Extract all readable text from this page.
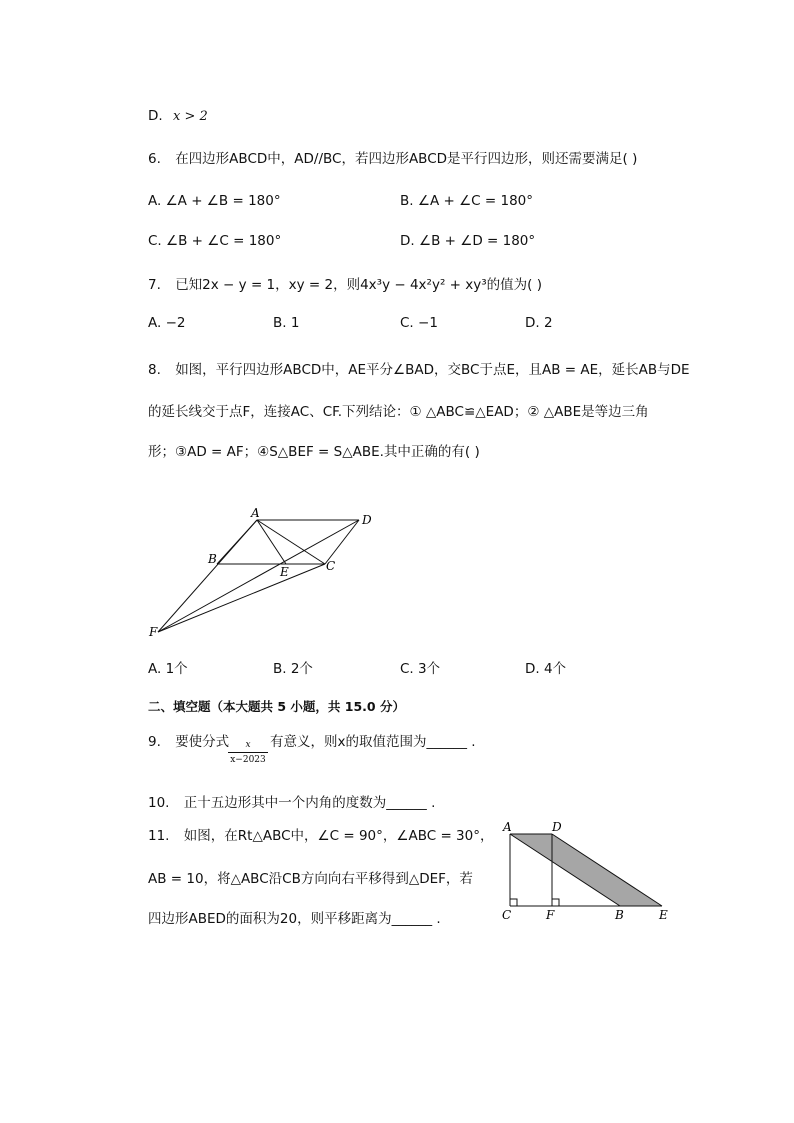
D. x > 2
6. 在四边形ABCD中，AD//BC，若四边形ABCD是平行四边形，则还需要满足( )
A. ∠A + ∠B = 180°	B. ∠A + ∠C = 180°
C. ∠B + ∠C = 180°	D. ∠B + ∠D = 180°
7. 已知2x − y = 1，xy = 2，则4x³y − 4x²y² + xy³的值为( )
A. −2	B. 1	C. −1	D. 2
8. 如图，平行四边形ABCD中，AE平分∠BAD，交BC于点E，且AB = AE，延长AB与DE
的延长线交于点F，连接AC、CF.下列结论：① △ABC≌△EAD；② △ABE是等边三角
形；③AD = AF；④S△BEF = S△ABE.其中正确的有( )
A	D
B
E	C
F
A. 1个	B. 2个	C. 3个	D. 4个
二、填空题（本大题共 5 小题，共 15.0 分）
9. 要使分式	x
x−2023
有意义，则x的取值范围为______ .
10. 正十五边形其中一个内角的度数为______ .
11. 如图，在Rt△ABC中，∠C = 90°，∠ABC = 30°，
AB = 10，将△ABC沿CB方向向右平移得到△DEF，若
四边形ABED的面积为20，则平移距离为______ .
A	D
C	F	B	E
